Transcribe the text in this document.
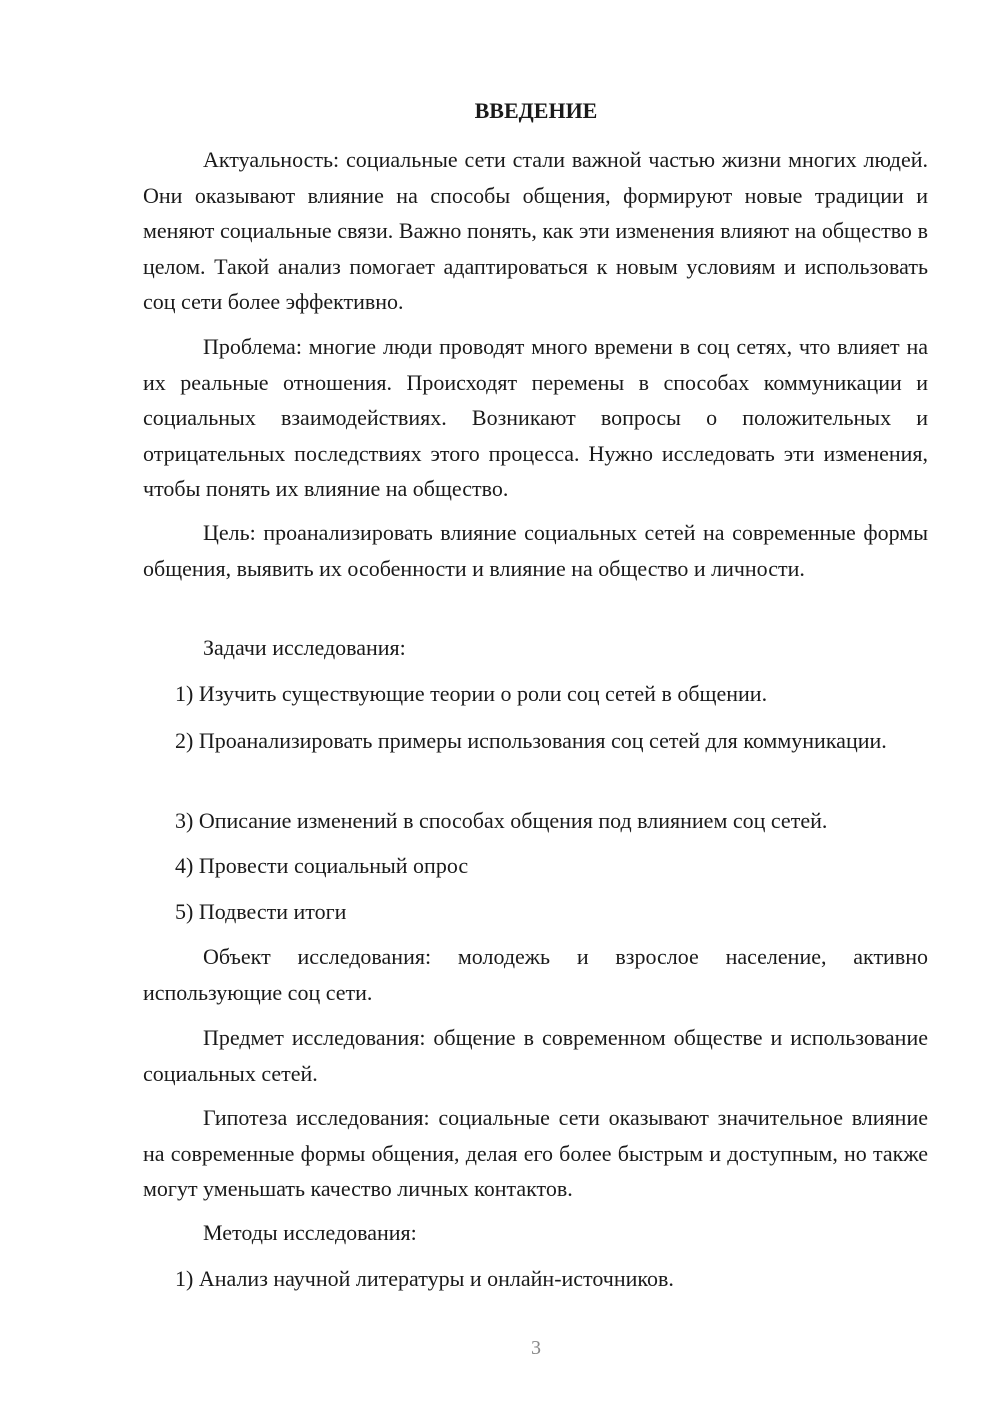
ВВЕДЕНИЕ

Актуальность: социальные сети стали важной частью жизни многих людей. Они оказывают влияние на способы общения, формируют новые традиции и меняют социальные связи. Важно понять, как эти изменения влияют на общество в целом. Такой анализ помогает адаптироваться к новым условиям и использовать соц сети более эффективно.

Проблема: многие люди проводят много времени в соц сетях, что влияет на их реальные отношения. Происходят перемены в способах коммуникации и социальных взаимодействиях. Возникают вопросы о положительных и отрицательных последствиях этого процесса. Нужно исследовать эти изменения, чтобы понять их влияние на общество.

Цель: проанализировать влияние социальных сетей на современные формы общения, выявить их особенности и влияние на общество и личности.

Задачи исследования:

1) Изучить существующие теории о роли соц сетей в общении.

2) Проанализировать примеры использования соц сетей для коммуникации.

3) Описание изменений в способах общения под влиянием соц сетей.

4) Провести социальный опрос

5) Подвести итоги

Объект исследования: молодежь и взрослое население, активно использующие соц сети.

Предмет исследования: общение в современном обществе и использование социальных сетей.

Гипотеза исследования: социальные сети оказывают значительное влияние на современные формы общения, делая его более быстрым и доступным, но также могут уменьшать качество личных контактов.

Методы исследования:

1) Анализ научной литературы и онлайн-источников.

3
